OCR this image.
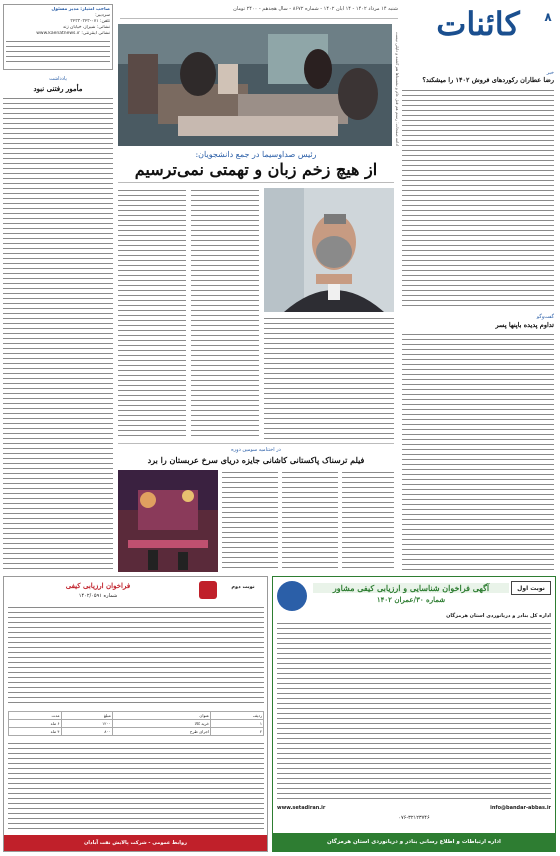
۸
کائنات
شنبه ۱۴ مرداد ۱۴۰۲ - ۱۴ آبان ۱۴۰۲ - شماره ۸۶۷۲ - سال هجدهم - ۲۴۰۰ تومان
صاحب امتیاز: مدیر مسئول
سردبیر:
تلفن: ۰۷۱-۳۲۳۳۰۳۲۳
نشانی: شیراز، خیابان زند
نشانی اینترنتی: www.kaenatnews.ir
یادداشت
مأمور رفتنی نبود	ادامه صفحات: رستم هم قتل عام و نشستاها هم کشته و دلیلی نیست	خبر
رضا عطاران رکوردهای فروش ۱۴۰۲ را میشکند؟
گفت‌وگو
تداوم پدیده باپنها پسر
رئیس صداوسیما در جمع دانشجویان:
از هیچ زخم زبان و تهمتی نمی‌ترسیم
در اختتامیه سومین دوره
فیلم ترسناک پاکستانی کاشانی جایزه دریای سرخ عربستان را برد
نوبت اول
آگهی فراخوان شناسایی و ارزیابی کیفی مشاور
شماره ۳۰/عمران ۱۴۰۲
اداره کل بنادر و دریانوردی استان هرمزگان
www.setadiran.ir	info@bandar-abbas.ir
۰۷۶-۳۲۱۲۳۷۴۶
اداره ارتباطات و اطلاع رسانی بنادر و دریانوردی استان هرمزگان
نوبت دوم
فراخوان ارزیابی کیفی
شماره ۱۴۰۲/۰۵۹۱
ردیف	عنوان	مبلغ	مدت
۱	خرید کالا	۱۲۰۰	۶ ماه
۲	اجرای طرح	۸۰۰	۴ ماه
روابط عمومی - شرکت پالایش نفت آبادان
